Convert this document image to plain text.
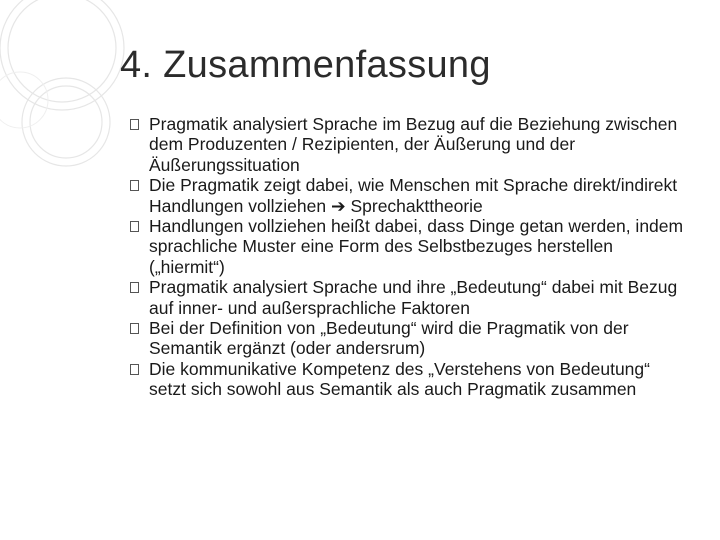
4. Zusammenfassung
Pragmatik analysiert Sprache im Bezug auf die Beziehung zwischen dem Produzenten / Rezipienten, der Äußerung und der Äußerungssituation
Die Pragmatik zeigt dabei, wie Menschen mit Sprache direkt/indirekt Handlungen vollziehen ➔ Sprechakttheorie
Handlungen vollziehen heißt dabei, dass Dinge getan werden, indem sprachliche Muster eine Form des Selbstbezuges herstellen („hiermit“)
Pragmatik analysiert Sprache und ihre „Bedeutung“ dabei mit Bezug auf inner- und außersprachliche Faktoren
Bei der Definition von „Bedeutung“ wird die Pragmatik von der Semantik ergänzt (oder andersrum)
Die kommunikative Kompetenz des „Verstehens von Bedeutung“ setzt sich sowohl aus Semantik als auch Pragmatik zusammen
